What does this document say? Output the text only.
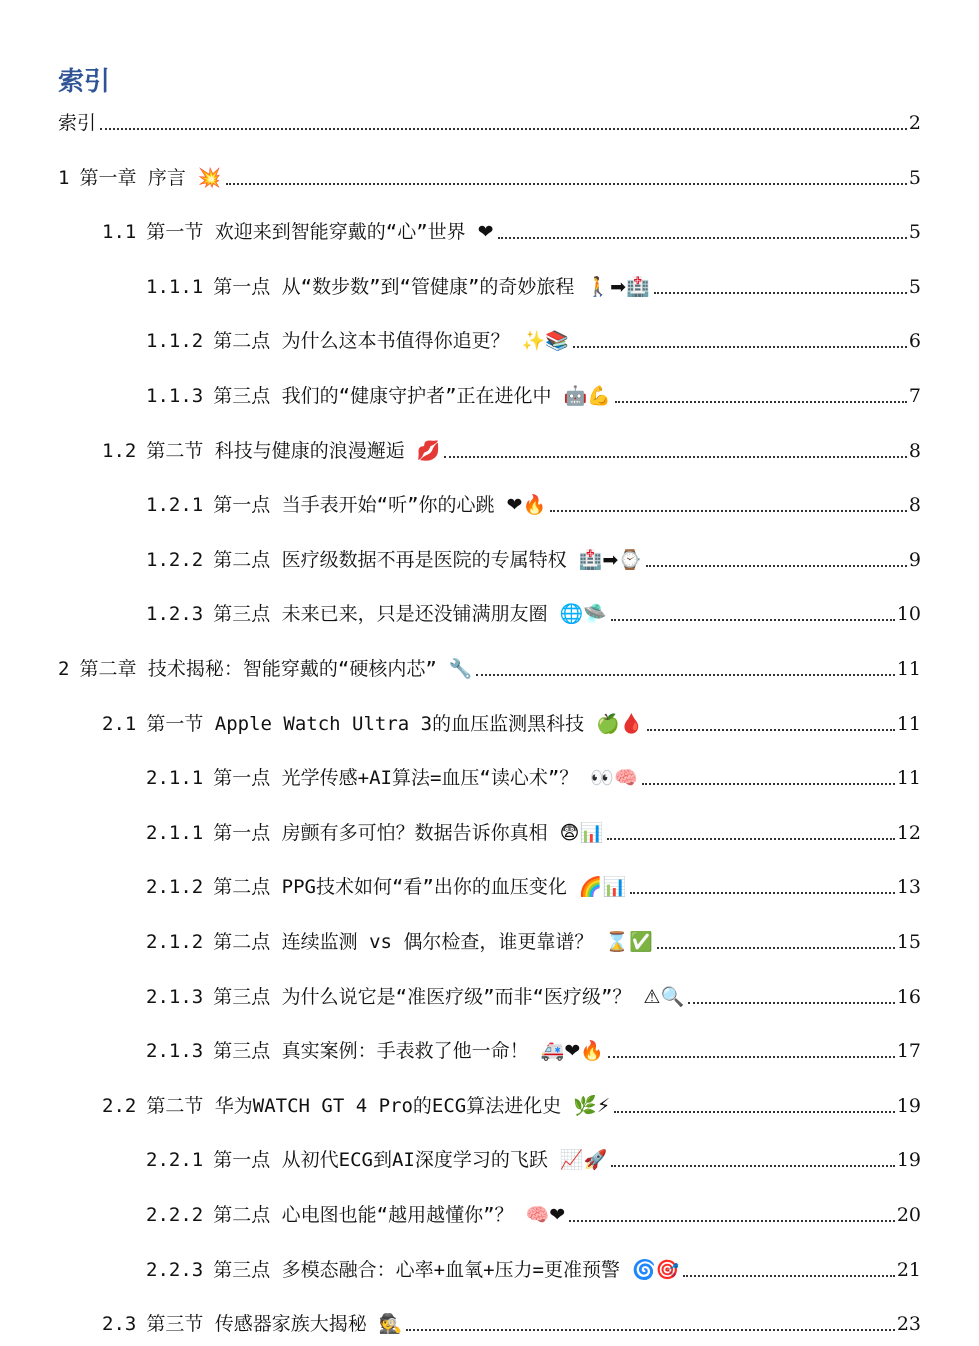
索引
索引	2
1 第一章 序言 💥	5
1.1 第一节 欢迎来到智能穿戴的“心”世界 ❤	5
1.1.1 第一点 从“数步数”到“管健康”的奇妙旅程 🚶➡🏥	5
1.1.2 第二点 为什么这本书值得你追更？ ✨📚	6
1.1.3 第三点 我们的“健康守护者”正在进化中 🤖💪	7
1.2 第二节 科技与健康的浪漫邂逅 💋	8
1.2.1 第一点 当手表开始“听”你的心跳 ❤🔥	8
1.2.2 第二点 医疗级数据不再是医院的专属特权 🏥➡⌚	9
1.2.3 第三点 未来已来，只是还没铺满朋友圈 🌐🛸	10
2 第二章 技术揭秘：智能穿戴的“硬核内芯” 🔧	11
2.1 第一节 Apple Watch Ultra 3的血压监测黑科技 🍏🩸	11
2.1.1 第一点 光学传感+AI算法=血压“读心术”？ 👀🧠	11
2.1.1 第一点 房颤有多可怕？数据告诉你真相 😨📊	12
2.1.2 第二点 PPG技术如何“看”出你的血压变化 🌈📊	13
2.1.2 第二点 连续监测 vs 偶尔检查，谁更靠谱？ ⌛✅	15
2.1.3 第三点 为什么说它是“准医疗级”而非“医疗级”？ ⚠🔍	16
2.1.3 第三点 真实案例：手表救了他一命！ 🚑❤🔥	17
2.2 第二节 华为WATCH GT 4 Pro的ECG算法进化史 🌿⚡	19
2.2.1 第一点 从初代ECG到AI深度学习的飞跃 📈🚀	19
2.2.2 第二点 心电图也能“越用越懂你”？ 🧠❤	20
2.2.3 第三点 多模态融合：心率+血氧+压力=更准预警 🌀🎯	21
2.3 第三节 传感器家族大揭秘 🕵	23
